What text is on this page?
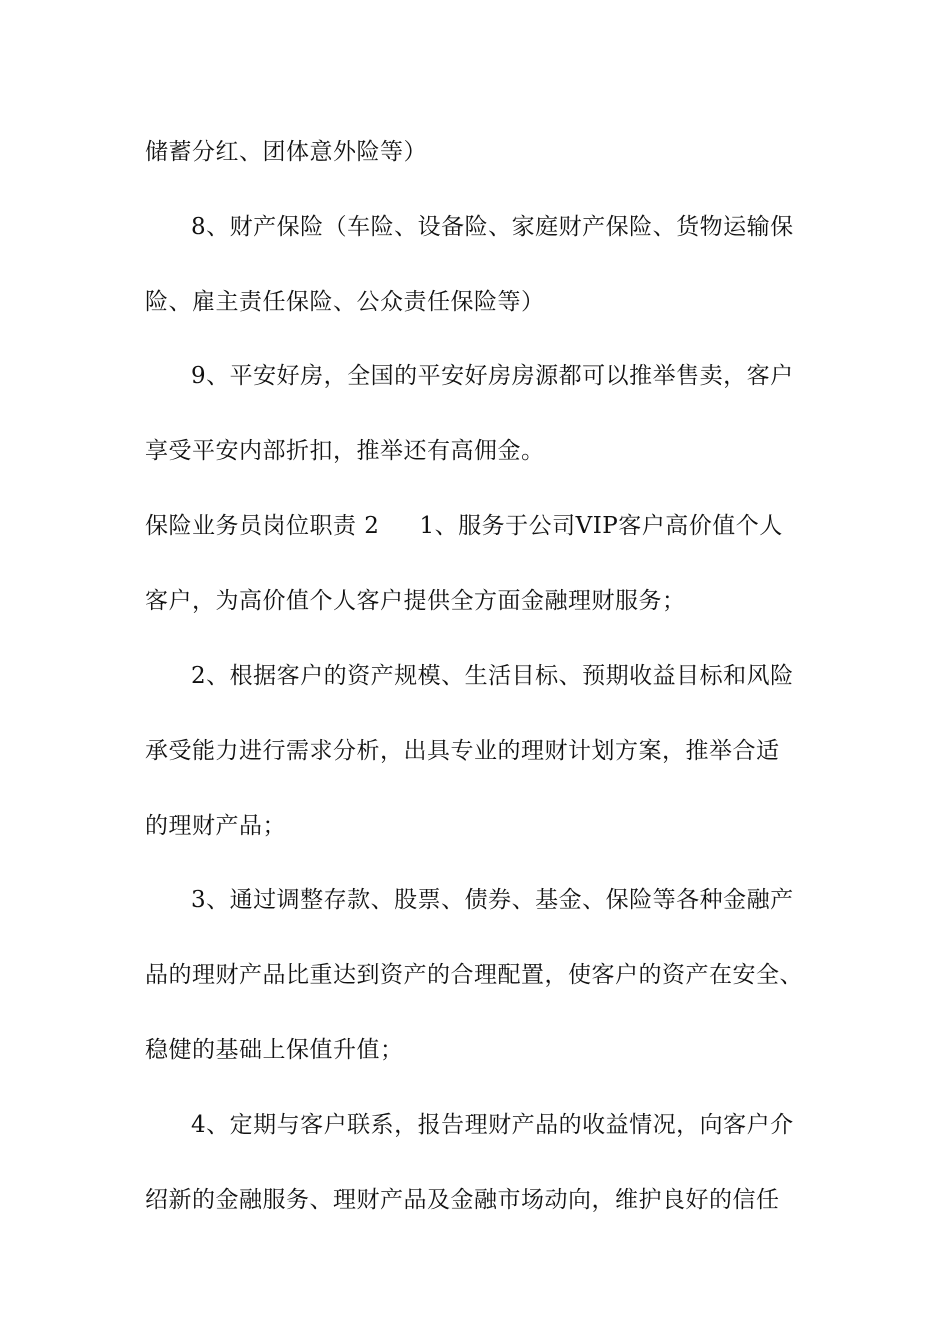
储蓄分红、团体意外险等）
8、财产保险（车险、设备险、家庭财产保险、货物运输保
险、雇主责任保险、公众责任保险等）
9、平安好房，全国的平安好房房源都可以推举售卖，客户
享受平安内部折扣，推举还有高佣金。
保险业务员岗位职责 2 1、服务于公司VIP客户高价值个人
客户，为高价值个人客户提供全方面金融理财服务；
2、根据客户的资产规模、生活目标、预期收益目标和风险
承受能力进行需求分析，出具专业的理财计划方案，推举合适
的理财产品；
3、通过调整存款、股票、债券、基金、保险等各种金融产
品的理财产品比重达到资产的合理配置，使客户的资产在安全、
稳健的基础上保值升值；
4、定期与客户联系，报告理财产品的收益情况，向客户介
绍新的金融服务、理财产品及金融市场动向，维护良好的信任
